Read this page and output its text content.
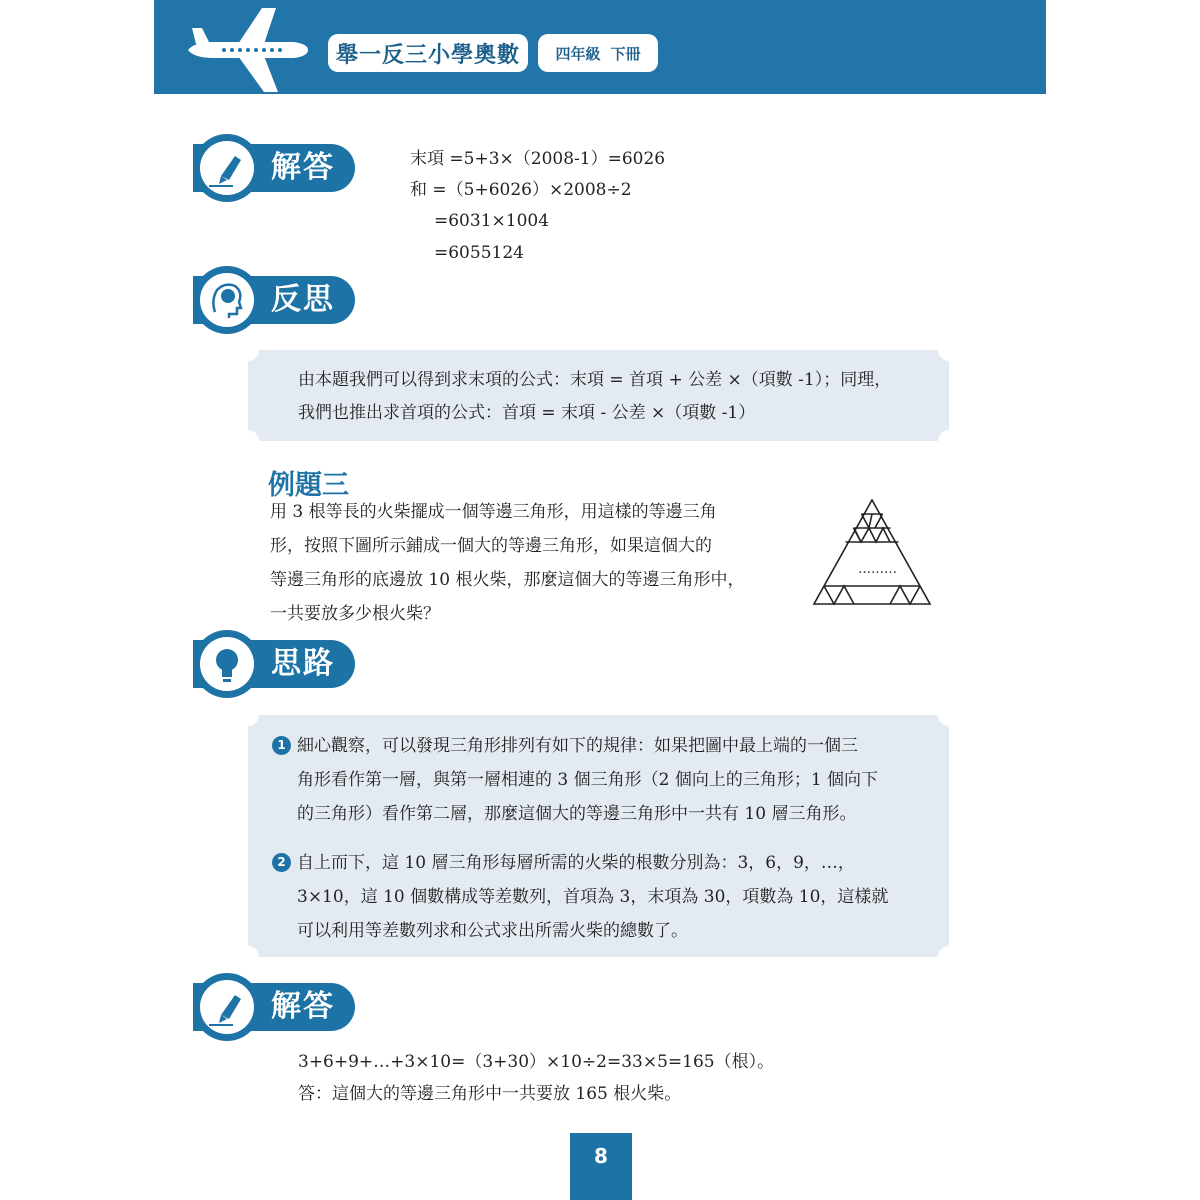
舉一反三小學奧數	四年級 下冊
解答	末項 =5+3×（2008-1）=6026
和 =（5+6026）×2008÷2
=6031×1004
=6055124
反思
由本題我們可以得到求末項的公式：末項 = 首項 + 公差 ×（項數 -1）；同理，
我們也推出求首項的公式：首項 = 末項 - 公差 ×（項數 -1）
例題三
用 3 根等長的火柴擺成一個等邊三角形，用這樣的等邊三角
形，按照下圖所示鋪成一個大的等邊三角形，如果這個大的
等邊三角形的底邊放 10 根火柴，那麼這個大的等邊三角形中，
一共要放多少根火柴？
………
思路
1 細心觀察，可以發現三角形排列有如下的規律：如果把圖中最上端的一個三
角形看作第一層，與第一層相連的 3 個三角形（2 個向上的三角形；1 個向下
的三角形）看作第二層，那麼這個大的等邊三角形中一共有 10 層三角形。
2 自上而下，這 10 層三角形每層所需的火柴的根數分別為：3，6，9，…，
3×10，這 10 個數構成等差數列，首項為 3，末項為 30，項數為 10，這樣就
可以利用等差數列求和公式求出所需火柴的總數了。
解答
3+6+9+…+3×10=（3+30）×10÷2=33×5=165（根）。
答：這個大的等邊三角形中一共要放 165 根火柴。
8
